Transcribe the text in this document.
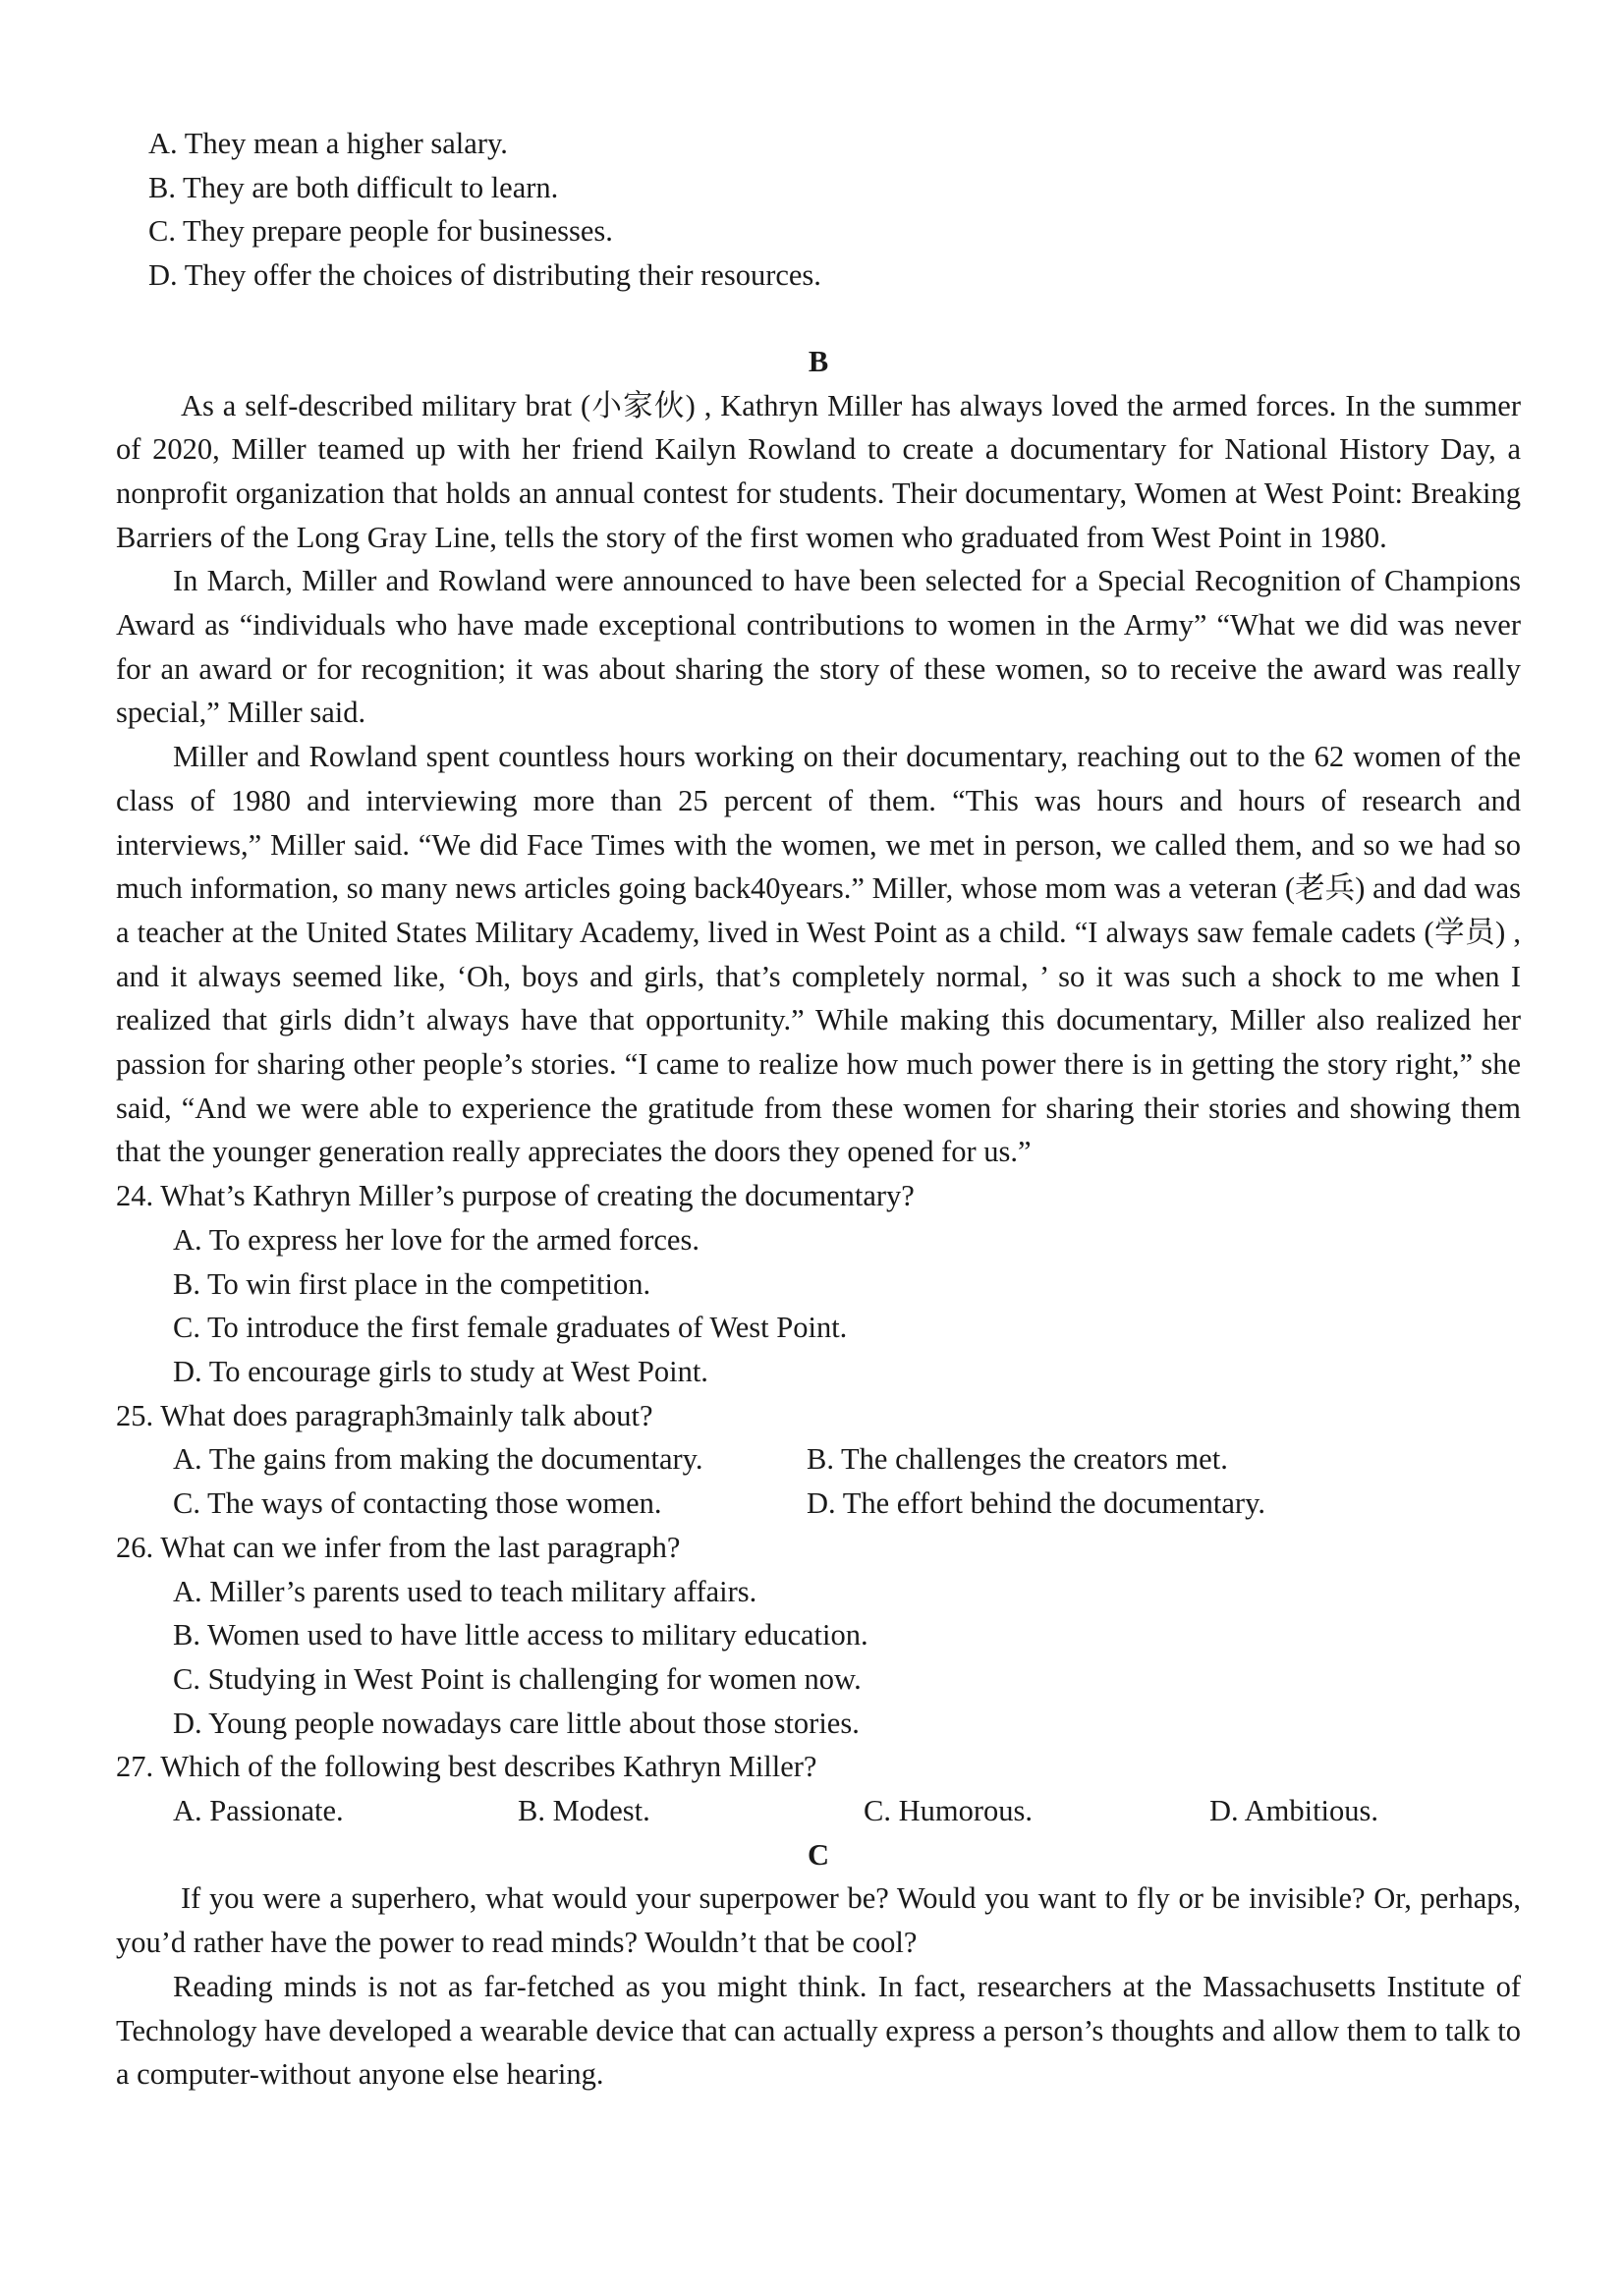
A. They mean a higher salary.
B. They are both difficult to learn.
C. They prepare people for businesses.
D. They offer the choices of distributing their resources.
B

As a self-described military brat (小家伙) , Kathryn Miller has always loved the armed forces. In the summer of 2020, Miller teamed up with her friend Kailyn Rowland to create a documentary for National History Day, a nonprofit organization that holds an annual contest for students. Their documentary, Women at West Point: Breaking Barriers of the Long Gray Line, tells the story of the first women who graduated from West Point in 1980.

In March, Miller and Rowland were announced to have been selected for a Special Recognition of Champions Award as “individuals who have made exceptional contributions to women in the Army” “What we did was never for an award or for recognition; it was about sharing the story of these women, so to receive the award was really special,” Miller said.

Miller and Rowland spent countless hours working on their documentary, reaching out to the 62 women of the class of 1980 and interviewing more than 25 percent of them. “This was hours and hours of research and interviews,” Miller said. “We did Face Times with the women, we met in person, we called them, and so we had so much information, so many news articles going back40years.” Miller, whose mom was a veteran (老兵) and dad was a teacher at the United States Military Academy, lived in West Point as a child. “I always saw female cadets (学员) , and it always seemed like, ‘Oh, boys and girls, that’s completely normal, ’ so it was such a shock to me when I realized that girls didn’t always have that opportunity.” While making this documentary, Miller also realized her passion for sharing other people’s stories. “I came to realize how much power there is in getting the story right,” she said, “And we were able to experience the gratitude from these women for sharing their stories and showing them that the younger generation really appreciates the doors they opened for us.”

24. What’s Kathryn Miller’s purpose of creating the documentary?
A. To express her love for the armed forces.
B. To win first place in the competition.
C. To introduce the first female graduates of West Point.
D. To encourage girls to study at West Point.
25. What does paragraph3mainly talk about?
A. The gains from making the documentary.	B. The challenges the creators met.
C. The ways of contacting those women.	D. The effort behind the documentary.
26. What can we infer from the last paragraph?
A. Miller’s parents used to teach military affairs.
B. Women used to have little access to military education.
C. Studying in West Point is challenging for women now.
D. Young people nowadays care little about those stories.
27. Which of the following best describes Kathryn Miller?
A. Passionate.	B. Modest.	C. Humorous.	D. Ambitious.
C

If you were a superhero, what would your superpower be? Would you want to fly or be invisible? Or, perhaps, you’d rather have the power to read minds? Wouldn’t that be cool?

Reading minds is not as far-fetched as you might think. In fact, researchers at the Massachusetts Institute of Technology have developed a wearable device that can actually express a person’s thoughts and allow them to talk to a computer-without anyone else hearing.
